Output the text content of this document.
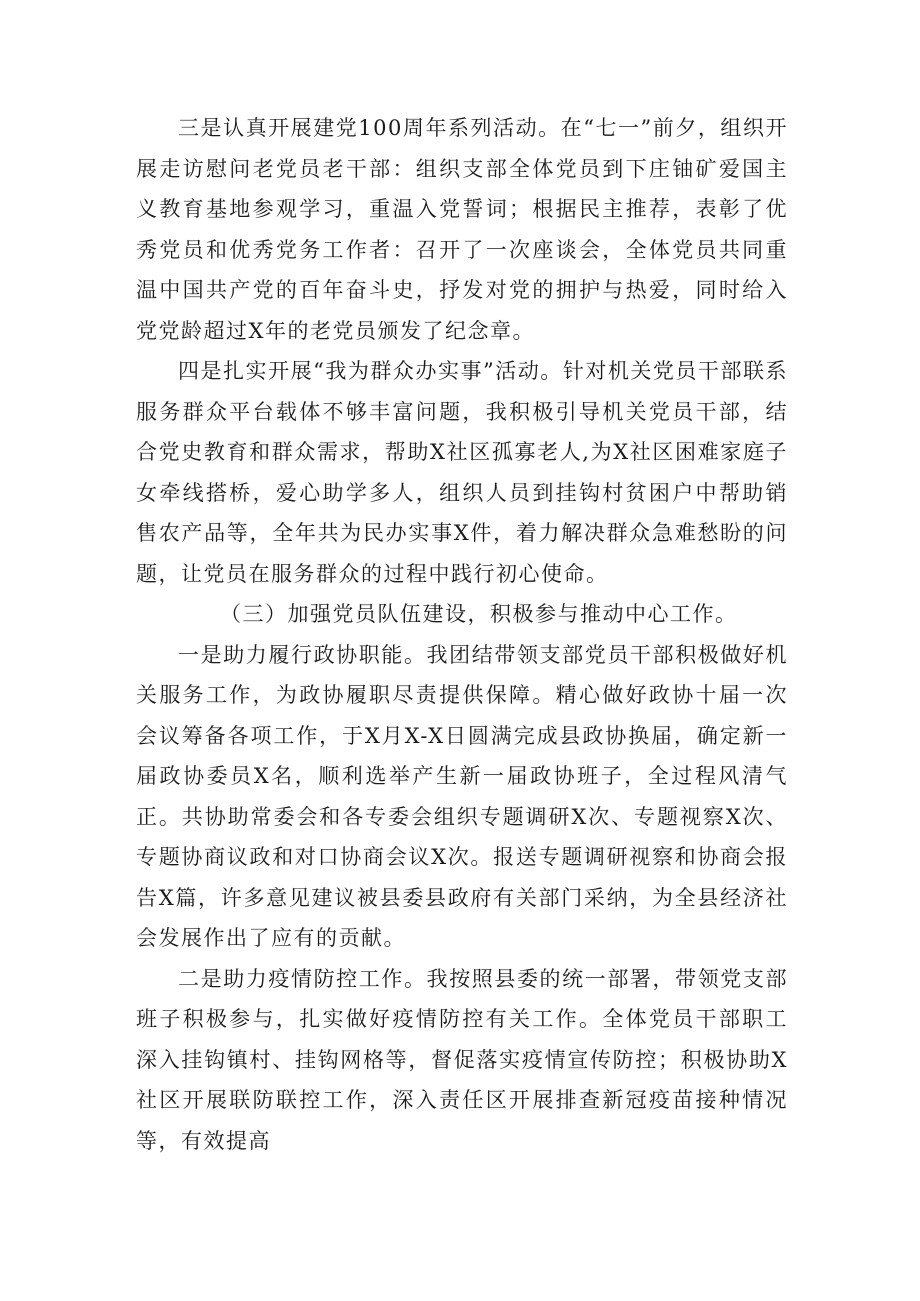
三是认真开展建党100周年系列活动。在“七一”前夕，组织开展走访慰问老党员老干部：组织支部全体党员到下庄铀矿爱国主义教育基地参观学习，重温入党誓词；根据民主推荐，表彰了优秀党员和优秀党务工作者：召开了一次座谈会，全体党员共同重温中国共产党的百年奋斗史，抒发对党的拥护与热爱，同时给入党党龄超过X年的老党员颁发了纪念章。

四是扎实开展“我为群众办实事”活动。针对机关党员干部联系服务群众平台载体不够丰富问题，我积极引导机关党员干部，结合党史教育和群众需求，帮助X社区孤寡老人,为X社区困难家庭子女牵线搭桥，爱心助学多人，组织人员到挂钩村贫困户中帮助销售农产品等，全年共为民办实事X件，着力解决群众急难愁盼的问题，让党员在服务群众的过程中践行初心使命。

（三）加强党员队伍建设，积极参与推动中心工作。

一是助力履行政协职能。我团结带领支部党员干部积极做好机关服务工作，为政协履职尽责提供保障。精心做好政协十届一次会议筹备各项工作，于X月X-X日圆满完成县政协换届，确定新一届政协委员X名，顺利选举产生新一届政协班子，全过程风清气正。共协助常委会和各专委会组织专题调研X次、专题视察X次、专题协商议政和对口协商会议X次。报送专题调研视察和协商会报告X篇，许多意见建议被县委县政府有关部门采纳，为全县经济社会发展作出了应有的贡献。

二是助力疫情防控工作。我按照县委的统一部署，带领党支部班子积极参与，扎实做好疫情防控有关工作。全体党员干部职工深入挂钩镇村、挂钩网格等，督促落实疫情宣传防控；积极协助X社区开展联防联控工作，深入责任区开展排查新冠疫苗接种情况等，有效提高
